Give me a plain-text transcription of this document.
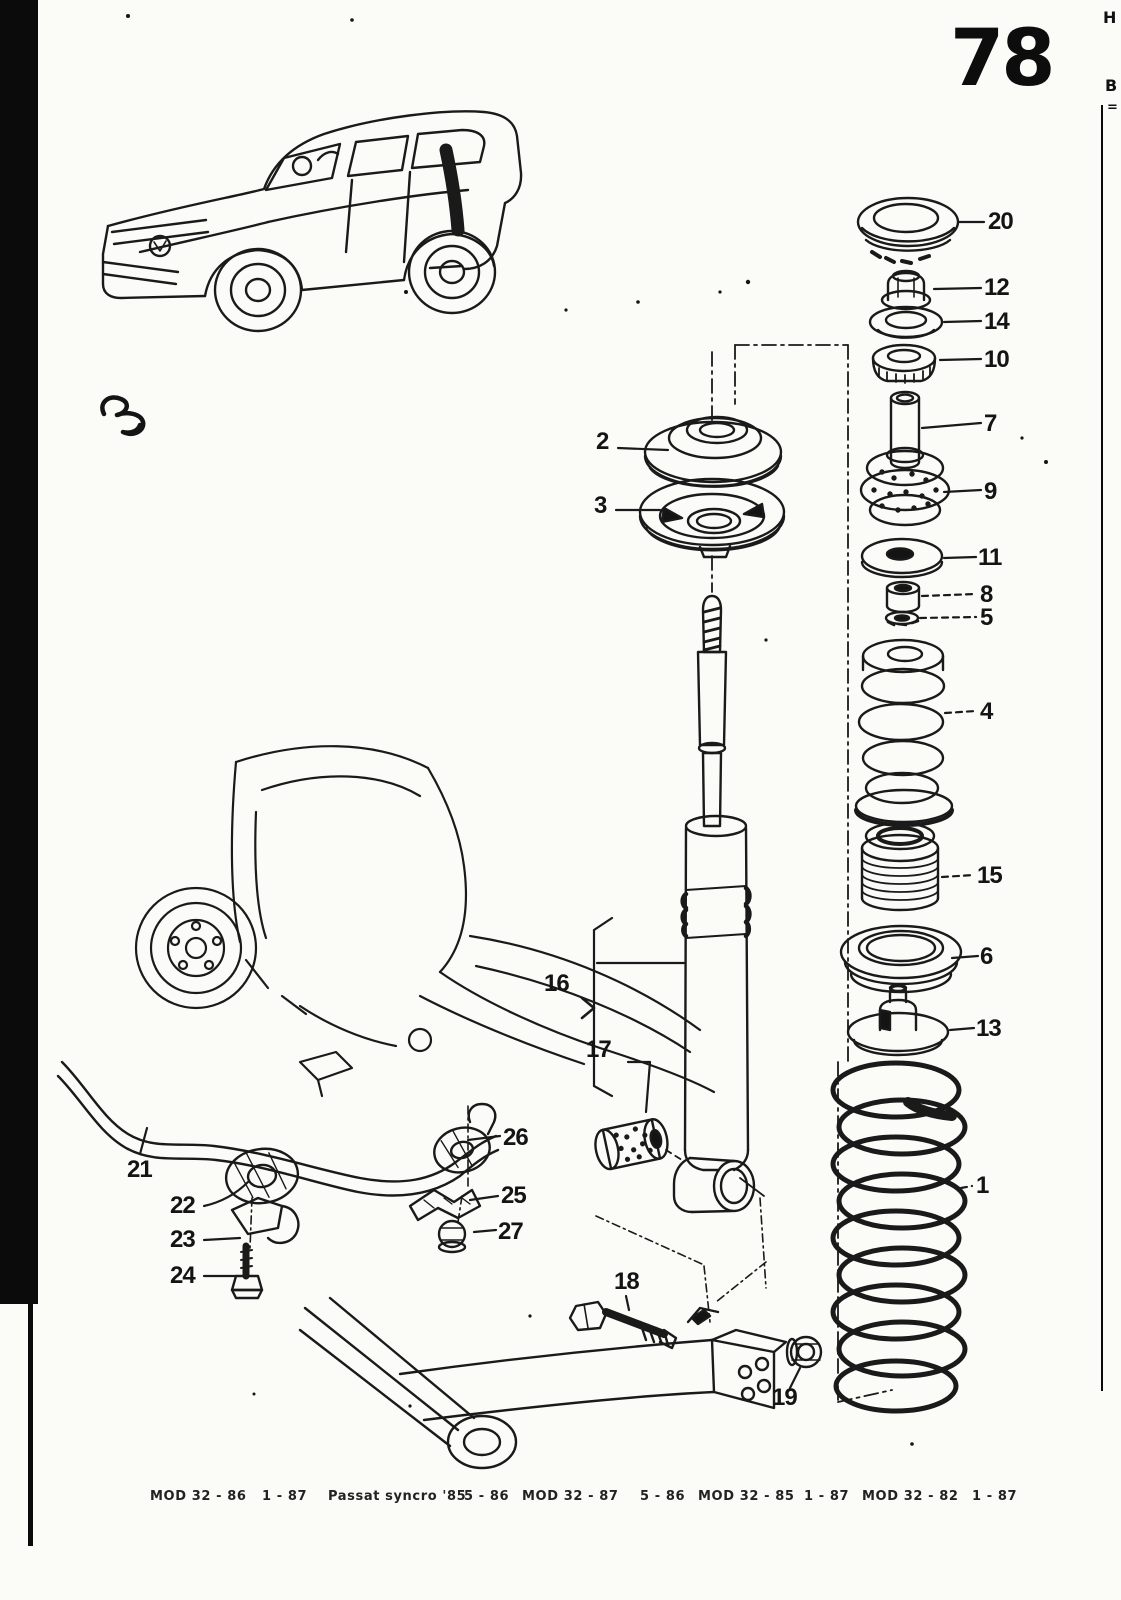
78	H
B
=
1
2
3
4
5
6
7
8
9
10
11
12
13
14
15
16
17
18
19
20
21
22
23
24
25
26
27
MOD 32 - 86 1 - 87 Passat syncro '85
5 - 86 MOD 32 - 87 5 - 86 MOD 32 - 85 1 - 87 MOD 32 - 82 1 - 87
